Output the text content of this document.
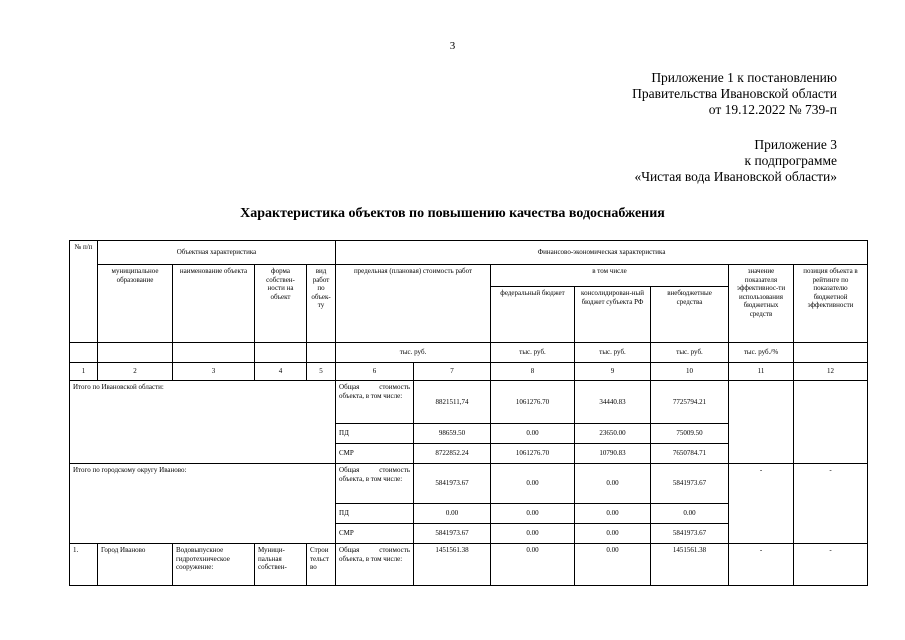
3
Приложение 1 к постановлению
Правительства Ивановской области
от 19.12.2022 № 739-п
Приложение 3
к подпрограмме
«Чистая вода Ивановской области»
Характеристика объектов по повышению качества водоснабжения
№ п/п	Объектная характеристика				Финансово-экономическая характеристика						
	муниципальное образование	наименование объекта	форма собствен-ности на объект	вид работ по объек-ту	предельная (плановая) стоимость работ		в том числе			значение показателя эффективнос-ти использования бюджетных средств	позиция объекта в рейтинге по показателю бюджетной эффективности
							федеральный бюджет	консолидирован-ный бюджет субъекта РФ	внебюджетные средства		
					тыс. руб.		тыс. руб.	тыс. руб.	тыс. руб.	тыс. руб./%	
1	2	3	4	5	6	7	8	9	10	11	12
Итого по Ивановской области:					Общая стоимость объекта, в том числе:	8821511,74	1061276.70	34440.83	7725794.21		
					ПД	98659.50	0.00	23650.00	75009.50		
					СМР	8722852.24	1061276.70	10790.83	7650784.71		
Итого по городскому округу Иваново:					Общая стоимость объекта, в том числе:	5841973.67	0.00	0.00	5841973.67	-	-
					ПД	0.00	0.00	0.00	0.00		
					СМР	5841973.67	0.00	0.00	5841973.67		
1.	Город Иваново	Водовыпускное гидротехническое сооружение:	Муници-пальная собствен-	Строи тельст во	Общая стоимость объекта, в том числе:	1451561.38	0.00	0.00	1451561.38	-	-
